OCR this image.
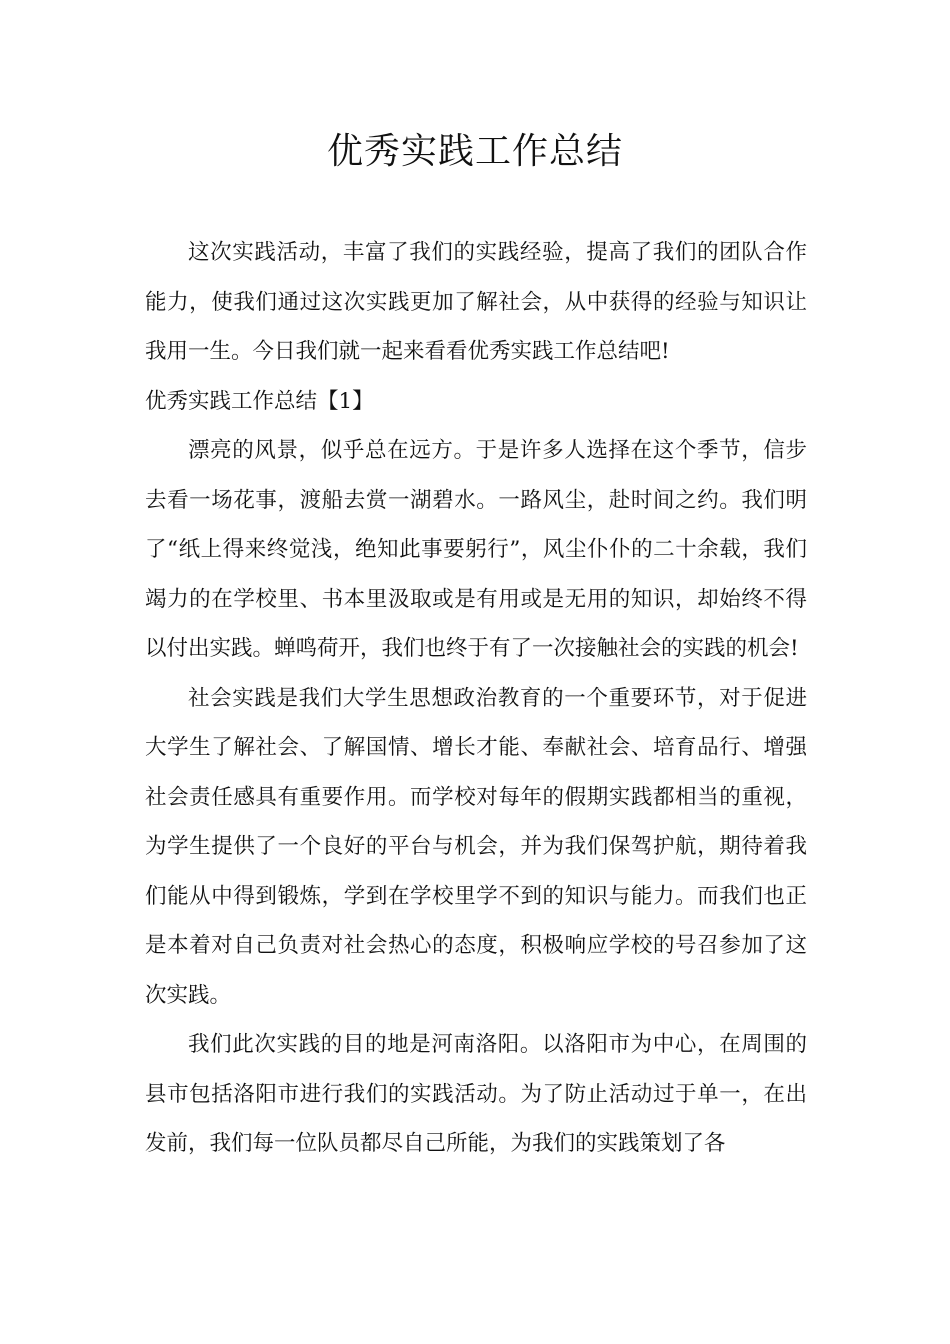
优秀实践工作总结

这次实践活动，丰富了我们的实践经验，提高了我们的团队合作能力，使我们通过这次实践更加了解社会，从中获得的经验与知识让我用一生。今日我们就一起来看看优秀实践工作总结吧!

优秀实践工作总结【1】

漂亮的风景，似乎总在远方。于是许多人选择在这个季节，信步去看一场花事，渡船去赏一湖碧水。一路风尘，赴时间之约。我们明了“纸上得来终觉浅，绝知此事要躬行”，风尘仆仆的二十余载，我们竭力的在学校里、书本里汲取或是有用或是无用的知识，却始终不得以付出实践。蝉鸣荷开，我们也终于有了一次接触社会的实践的机会!

社会实践是我们大学生思想政治教育的一个重要环节，对于促进大学生了解社会、了解国情、增长才能、奉献社会、培育品行、增强社会责任感具有重要作用。而学校对每年的假期实践都相当的重视，为学生提供了一个良好的平台与机会，并为我们保驾护航，期待着我们能从中得到锻炼，学到在学校里学不到的知识与能力。而我们也正是本着对自己负责对社会热心的态度，积极响应学校的号召参加了这次实践。

我们此次实践的目的地是河南洛阳。以洛阳市为中心，在周围的县市包括洛阳市进行我们的实践活动。为了防止活动过于单一，在出发前，我们每一位队员都尽自己所能，为我们的实践策划了各
